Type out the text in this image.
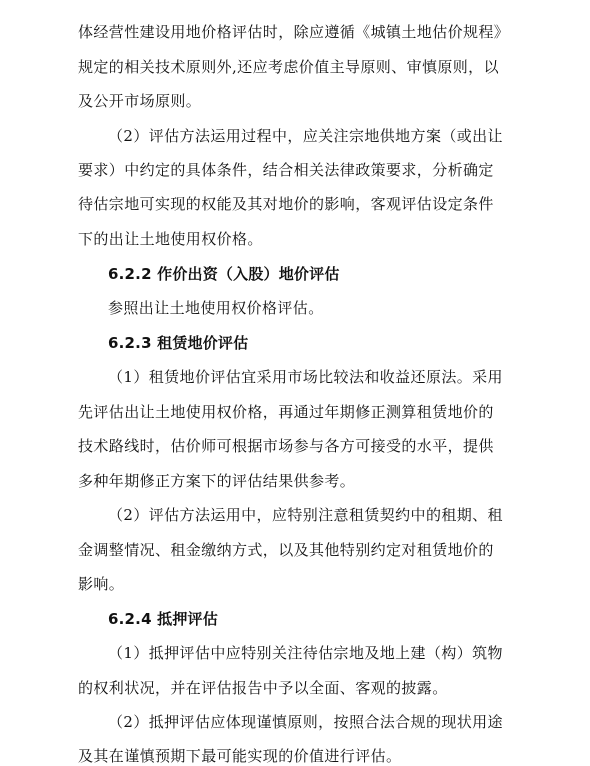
体经营性建设用地价格评估时，除应遵循《城镇土地估价规程》
规定的相关技术原则外,还应考虑价值主导原则、审慎原则，以
及公开市场原则。
（2）评估方法运用过程中，应关注宗地供地方案（或出让
要求）中约定的具体条件，结合相关法律政策要求，分析确定
待估宗地可实现的权能及其对地价的影响，客观评估设定条件
下的出让土地使用权价格。
6.2.2 作价出资（入股）地价评估
参照出让土地使用权价格评估。
6.2.3 租赁地价评估
（1）租赁地价评估宜采用市场比较法和收益还原法。采用
先评估出让土地使用权价格，再通过年期修正测算租赁地价的
技术路线时，估价师可根据市场参与各方可接受的水平，提供
多种年期修正方案下的评估结果供参考。
（2）评估方法运用中，应特别注意租赁契约中的租期、租
金调整情况、租金缴纳方式，以及其他特别约定对租赁地价的
影响。
6.2.4 抵押评估
（1）抵押评估中应特别关注待估宗地及地上建（构）筑物
的权利状况，并在评估报告中予以全面、客观的披露。
（2）抵押评估应体现谨慎原则，按照合法合规的现状用途
及其在谨慎预期下最可能实现的价值进行评估。
